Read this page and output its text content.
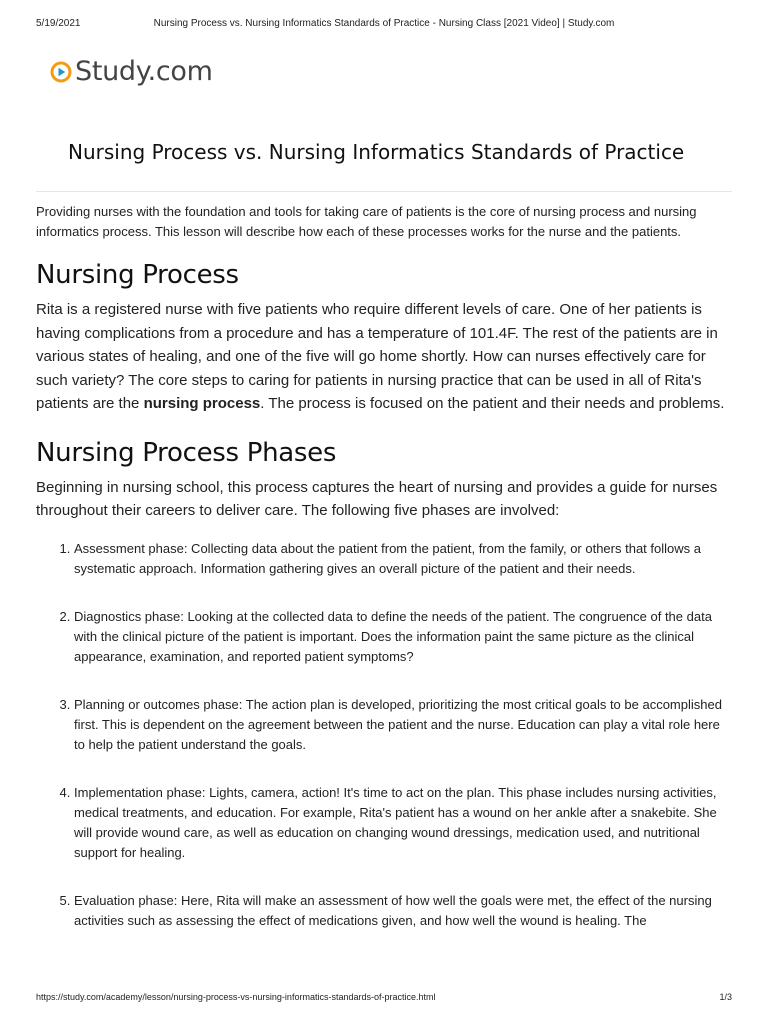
5/19/2021	Nursing Process vs. Nursing Informatics Standards of Practice - Nursing Class [2021 Video] | Study.com
Study.com
Nursing Process vs. Nursing Informatics Standards of Practice

Providing nurses with the foundation and tools for taking care of patients is the core of nursing process and nursing informatics process. This lesson will describe how each of these processes works for the nurse and the patients.

Nursing Process

Rita is a registered nurse with five patients who require different levels of care. One of her patients is having complications from a procedure and has a temperature of 101.4F. The rest of the patients are in various states of healing, and one of the five will go home shortly. How can nurses effectively care for such variety? The core steps to caring for patients in nursing practice that can be used in all of Rita's patients are the nursing process. The process is focused on the patient and their needs and problems.

Nursing Process Phases

Beginning in nursing school, this process captures the heart of nursing and provides a guide for nurses throughout their careers to deliver care. The following five phases are involved:

1. Assessment phase: Collecting data about the patient from the patient, from the family, or others that follows a systematic approach. Information gathering gives an overall picture of the patient and their needs.
2. Diagnostics phase: Looking at the collected data to define the needs of the patient. The congruence of the data with the clinical picture of the patient is important. Does the information paint the same picture as the clinical appearance, examination, and reported patient symptoms?
3. Planning or outcomes phase: The action plan is developed, prioritizing the most critical goals to be accomplished first. This is dependent on the agreement between the patient and the nurse. Education can play a vital role here to help the patient understand the goals.
4. Implementation phase: Lights, camera, action! It's time to act on the plan. This phase includes nursing activities, medical treatments, and education. For example, Rita's patient has a wound on her ankle after a snakebite. She will provide wound care, as well as education on changing wound dressings, medication used, and nutritional support for healing.
5. Evaluation phase: Here, Rita will make an assessment of how well the goals were met, the effect of the nursing activities such as assessing the effect of medications given, and how well the wound is healing. The
https://study.com/academy/lesson/nursing-process-vs-nursing-informatics-standards-of-practice.html	1/3
